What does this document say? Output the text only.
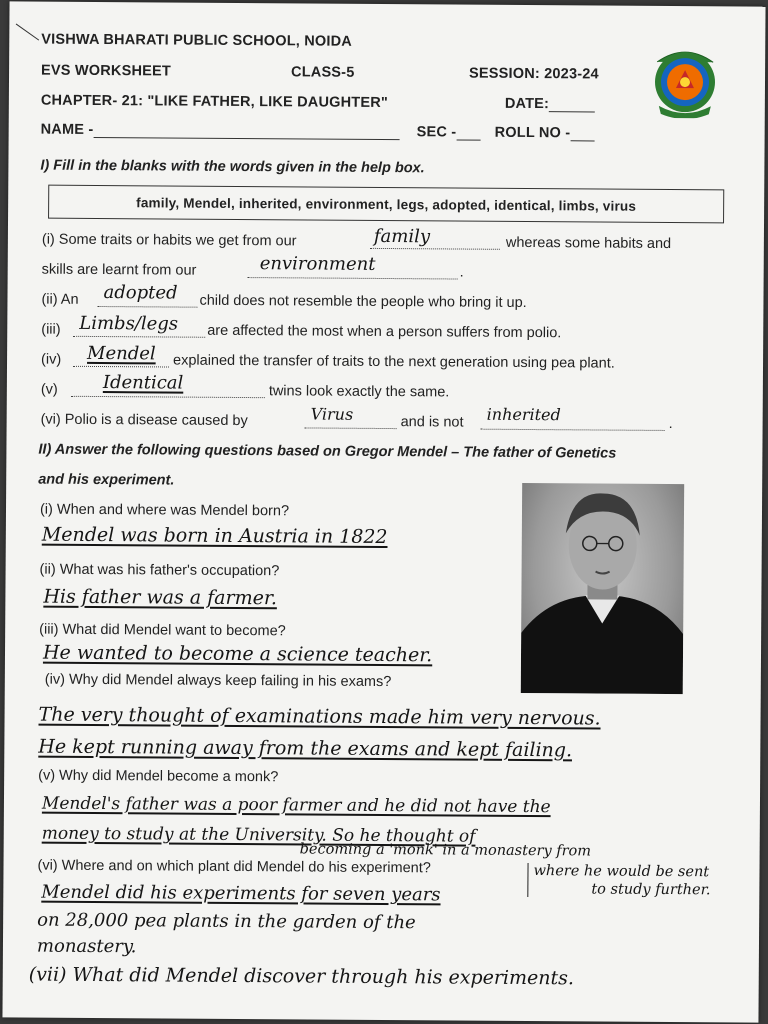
VISHWA BHARATI PUBLIC SCHOOL, NOIDA
EVS WORKSHEET	CLASS-5	SESSION: 2023-24
CHAPTER- 21: "LIKE FATHER, LIKE DAUGHTER"	DATE:
NAME -	SEC -	ROLL NO -
I) Fill in the blanks with the words given in the help box.
family, Mendel, inherited, environment, legs, adopted, identical, limbs, virus
(i) Some traits or habits we get from our	family	whereas some habits and
skills are learnt from our	environment	.
(ii) An adopted child does not resemble the people who bring it up.
(iii) Limbs/legs are affected the most when a person suffers from polio.
(iv) Mendel explained the transfer of traits to the next generation using pea plant.
(v)	Identical	twins look exactly the same.
(vi) Polio is a disease caused by	Virus	and is not inherited	.
II) Answer the following questions based on Gregor Mendel – The father of Genetics
and his experiment.
(i) When and where was Mendel born?
Mendel was born in Austria in 1822
(ii) What was his father's occupation?
His father was a farmer.
(iii) What did Mendel want to become?
He wanted to become a science teacher.
(iv) Why did Mendel always keep failing in his exams?
The very thought of examinations made him very nervous.
He kept running away from the exams and kept failing.
(v) Why did Mendel become a monk?
Mendel's father was a poor farmer and he did not have the
money to study at the University. So he thought of
becoming a 'monk' in a monastery from
where he would be sent
to study further.
(vi) Where and on which plant did Mendel do his experiment?
Mendel did his experiments for seven years
on 28,000 pea plants in the garden of the
monastery.
(vii) What did Mendel discover through his experiments.
